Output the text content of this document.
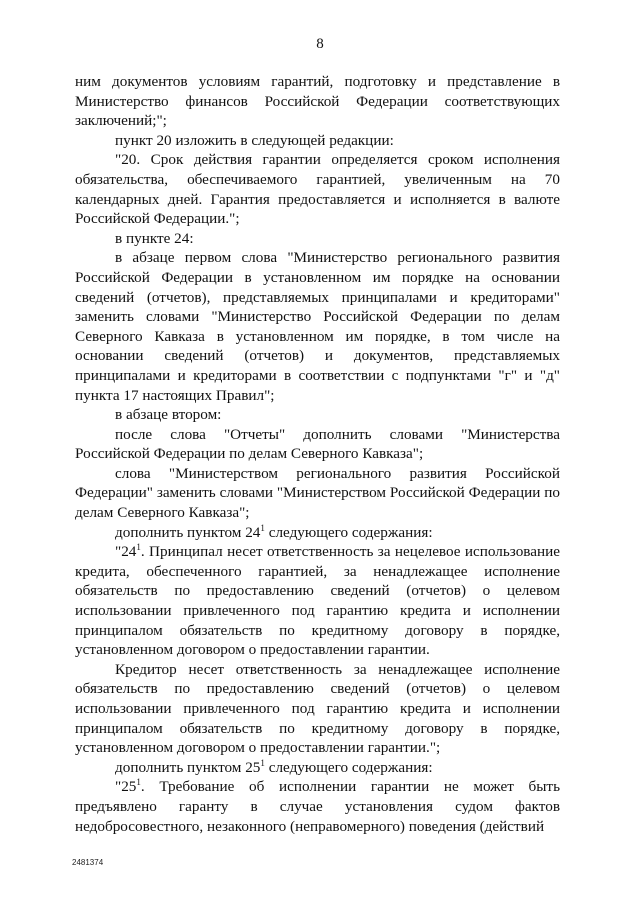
8

ним документов условиям гарантий, подготовку и представление в Министерство финансов Российской Федерации соответствующих заключений;";

пункт 20 изложить в следующей редакции:

"20. Срок действия гарантии определяется сроком исполнения обязательства, обеспечиваемого гарантией, увеличенным на 70 календарных дней. Гарантия предоставляется и исполняется в валюте Российской Федерации.";

в пункте 24:

в абзаце первом слова "Министерство регионального развития Российской Федерации в установленном им порядке на основании сведений (отчетов), представляемых принципалами и кредиторами" заменить словами "Министерство Российской Федерации по делам Северного Кавказа в установленном им порядке, в том числе на основании сведений (отчетов) и документов, представляемых принципалами и кредиторами в соответствии с подпунктами "г" и "д" пункта 17 настоящих Правил";

в абзаце втором:

после слова "Отчеты" дополнить словами "Министерства Российской Федерации по делам Северного Кавказа";

слова "Министерством регионального развития Российской Федерации" заменить словами "Министерством Российской Федерации по делам Северного Кавказа";

дополнить пунктом $24^1$ следующего содержания:

"$24^1$. Принципал несет ответственность за нецелевое использование кредита, обеспеченного гарантией, за ненадлежащее исполнение обязательств по предоставлению сведений (отчетов) о целевом использовании привлеченного под гарантию кредита и исполнении принципалом обязательств по кредитному договору в порядке, установленном договором о предоставлении гарантии.

Кредитор несет ответственность за ненадлежащее исполнение обязательств по предоставлению сведений (отчетов) о целевом использовании привлеченного под гарантию кредита и исполнении принципалом обязательств по кредитному договору в порядке, установленном договором о предоставлении гарантии.";

дополнить пунктом $25^1$ следующего содержания:

"$25^1$. Требование об исполнении гарантии не может быть предъявлено гаранту в случае установления судом фактов недобросовестного, незаконного (неправомерного) поведения (действий

2481374
